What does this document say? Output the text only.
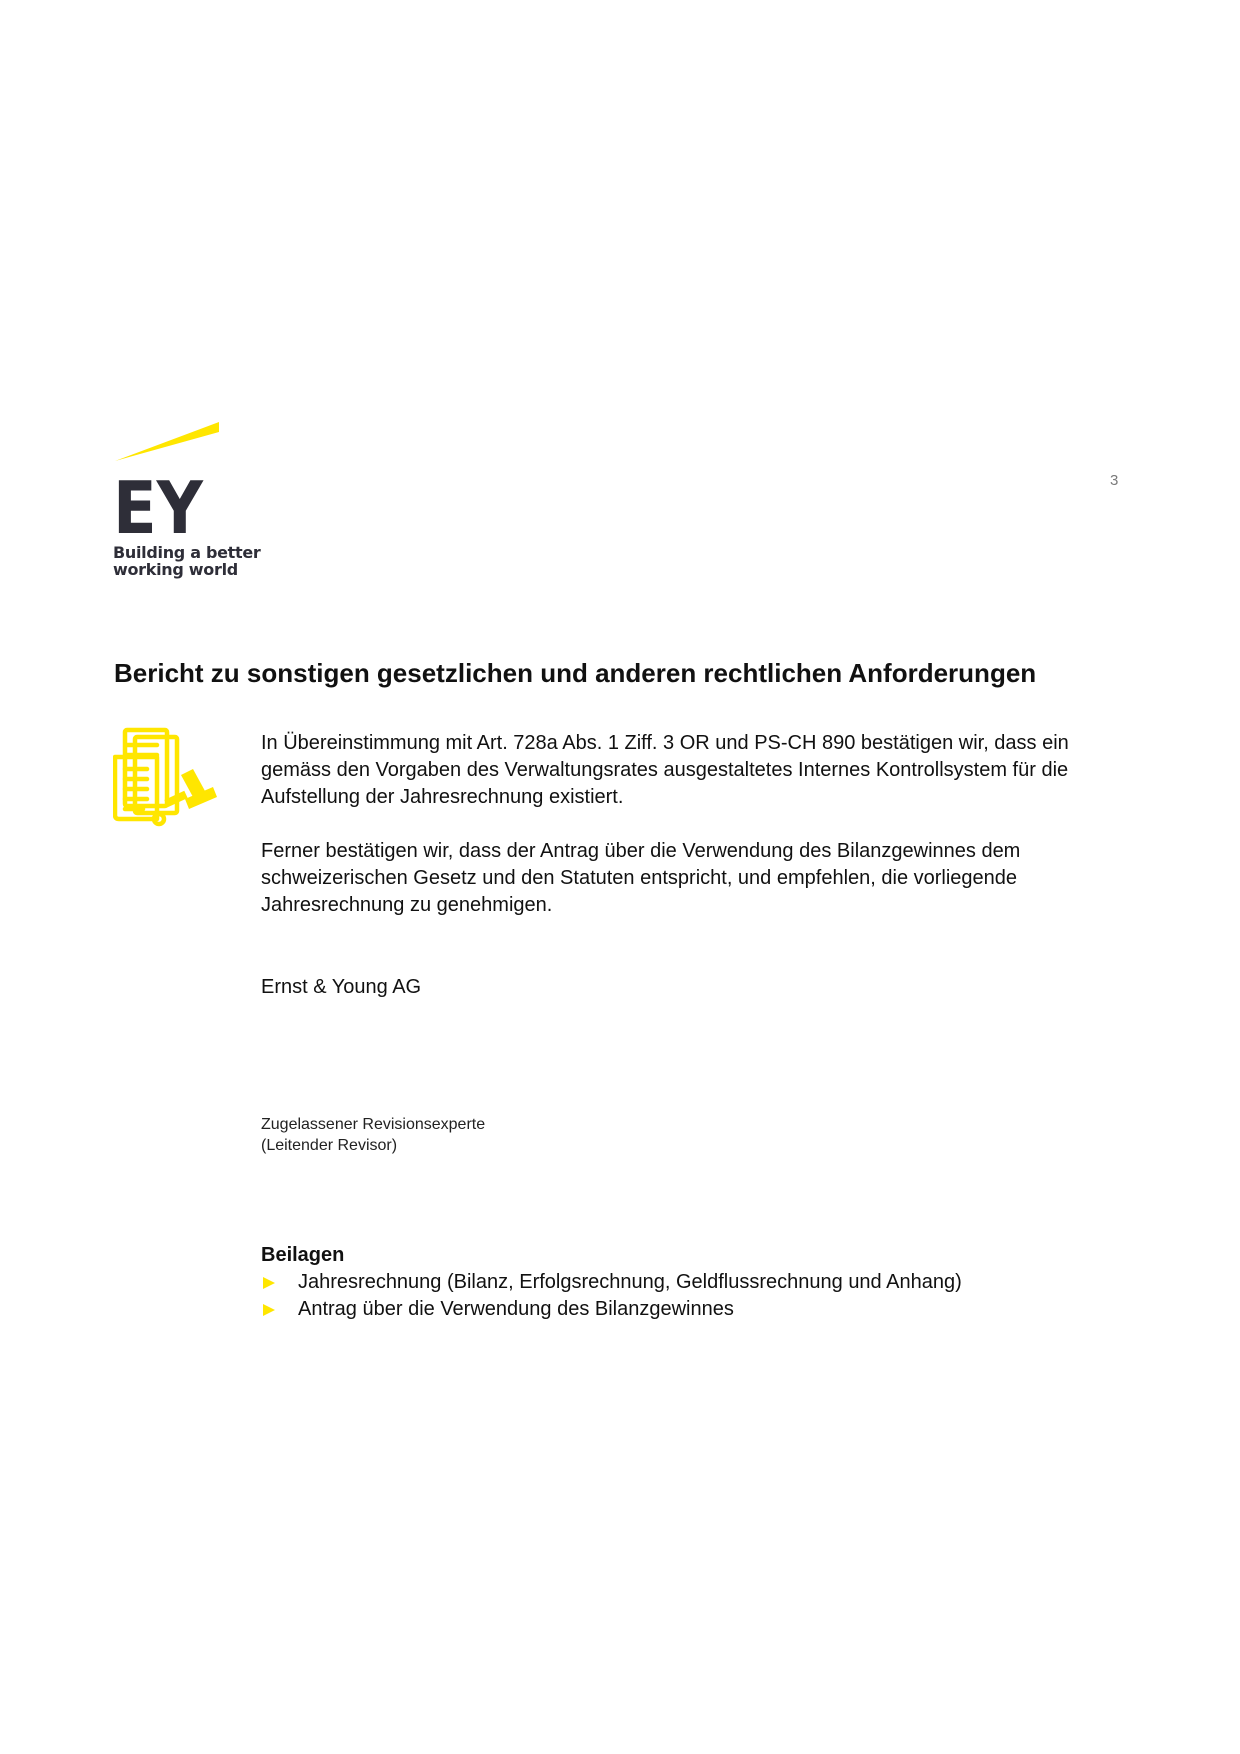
EY
Building a better
working world
3
Bericht zu sonstigen gesetzlichen und anderen rechtlichen Anforderungen

In Übereinstimmung mit Art. 728a Abs. 1 Ziff. 3 OR und PS-CH 890 bestätigen wir, dass ein gemäss den Vorgaben des Verwaltungsrates ausgestaltetes Internes Kontrollsystem für die Aufstellung der Jahresrechnung existiert.

Ferner bestätigen wir, dass der Antrag über die Verwendung des Bilanzgewinnes dem schweizerischen Gesetz und den Statuten entspricht, und empfehlen, die vorliegende Jahresrechnung zu genehmigen.

Ernst & Young AG

Zugelassener Revisionsexperte
(Leitender Revisor)

Beilagen

Jahresrechnung (Bilanz, Erfolgsrechnung, Geldflussrechnung und Anhang)
Antrag über die Verwendung des Bilanzgewinnes
